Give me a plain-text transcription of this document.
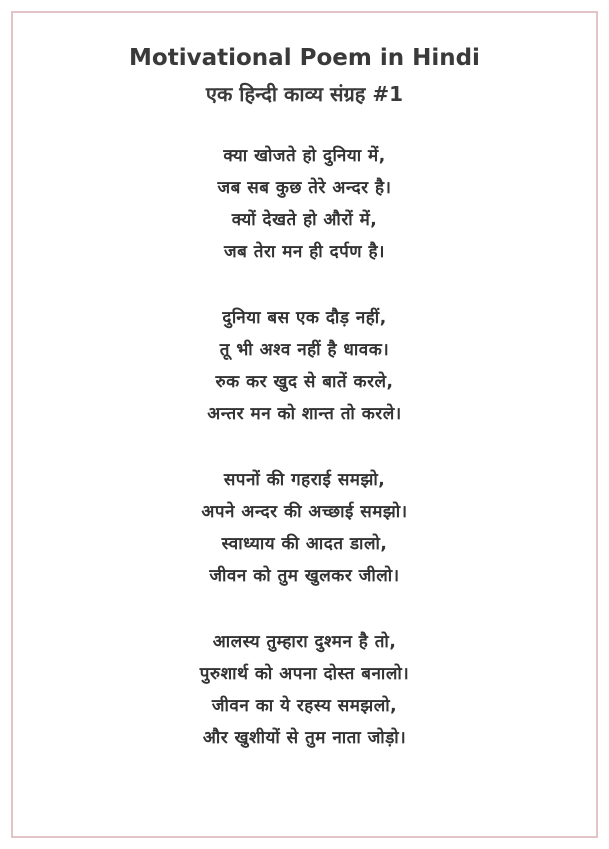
Motivational Poem in Hindi
एक हिन्दी काव्य संग्रह #1
क्या खोजते हो दुनिया में,
जब सब कुछ तेरे अन्दर है।
क्यों देखते हो औरों में,
जब तेरा मन ही दर्पण है।
दुनिया बस एक दौड़ नहीं,
तू भी अश्व नहीं है धावक।
रुक कर खुद से बातें करले,
अन्तर मन को शान्त तो करले।
सपनों की गहराई समझो,
अपने अन्दर की अच्छाई समझो।
स्वाध्याय की आदत डालो,
जीवन को तुम खुलकर जीलो।
आलस्य तुम्हारा दुश्मन है तो,
पुरुशार्थ को अपना दोस्त बनालो।
जीवन का ये रहस्य समझलो,
और खुशीयों से तुम नाता जोड़ो।
